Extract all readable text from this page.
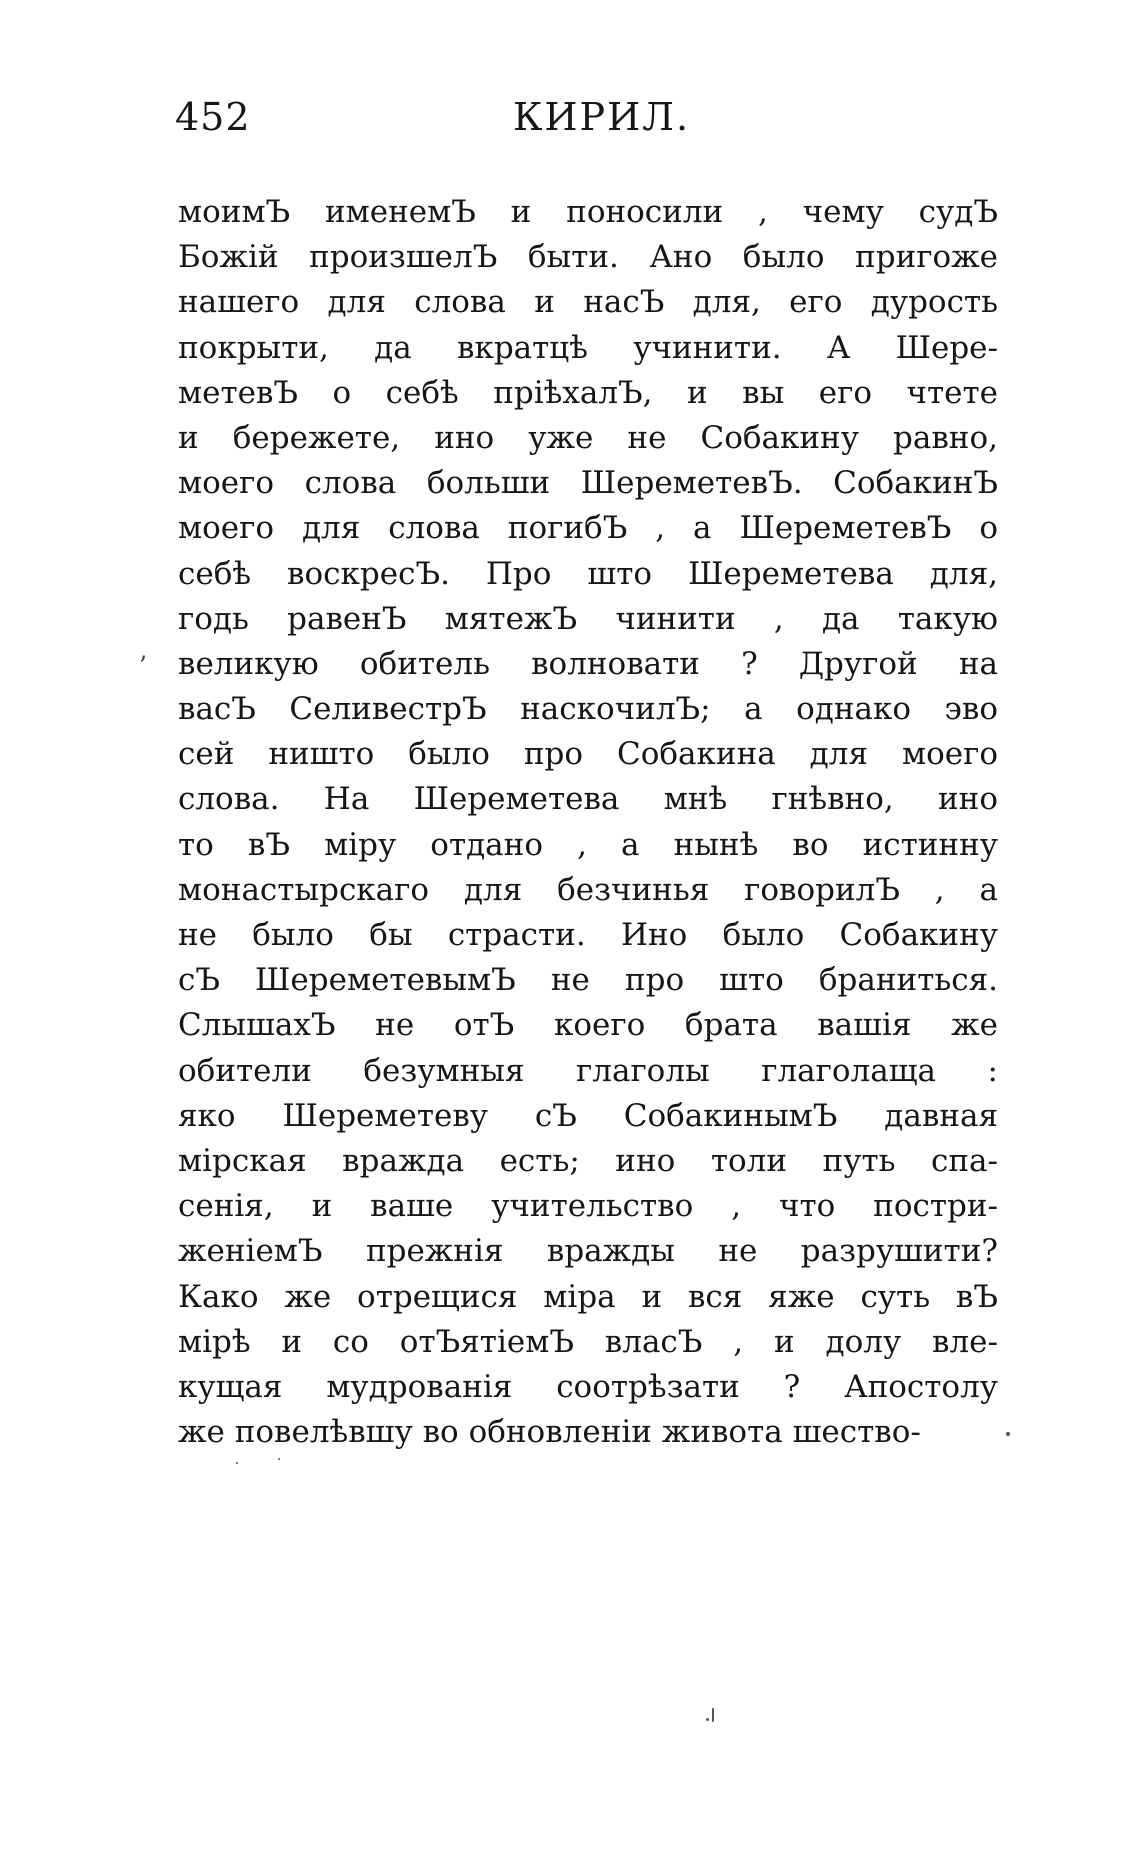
452	КИРИЛ.
ʼ
моимЪ именемЪ и поносили , чему судЪ
Божій произшелЪ быти. Ано было пригоже
нашего для слова и насЪ для, его дурость
покрыти, да вкратцѣ учинити. А Шере-
метевЪ о себѣ пріѣхалЪ, и вы его чтете
и бережете, ино уже не Собакину равно,
моего слова больши ШереметевЪ. СобакинЪ
моего для слова погибЪ , а ШереметевЪ о
себѣ воскресЪ. Про што Шереметева для,
годь равенЪ мятежЪ чинити , да такую
великую обитель волновати ? Другой на
васЪ СеливестрЪ наскочилЪ; а однако эво
сей ништо было про Собакина для моего
слова. На Шереметева мнѣ гнѣвно, ино
то вЪ міру отдано , а нынѣ во истинну
монастырскаго для безчинья говорилЪ , а
не было бы страсти. Ино было Собакину
сЪ ШереметевымЪ не про што браниться.
СлышахЪ не отЪ коего брата вашія же
обители безумныя глаголы глаголаща :
яко Шереметеву сЪ СобакинымЪ давная
мірская вражда есть; ино толи путь спа-
сенія, и ваше учительство , что постри-
женіемЪ прежнія вражды не разрушити?
Како же отрещися міра и вся яже суть вЪ
мірѣ и со отЪятіемЪ власЪ , и долу вле-
кущая мудрованія соотрѣзати ? Апостолу
же повелѣвшу во обновленіи живота шество-
